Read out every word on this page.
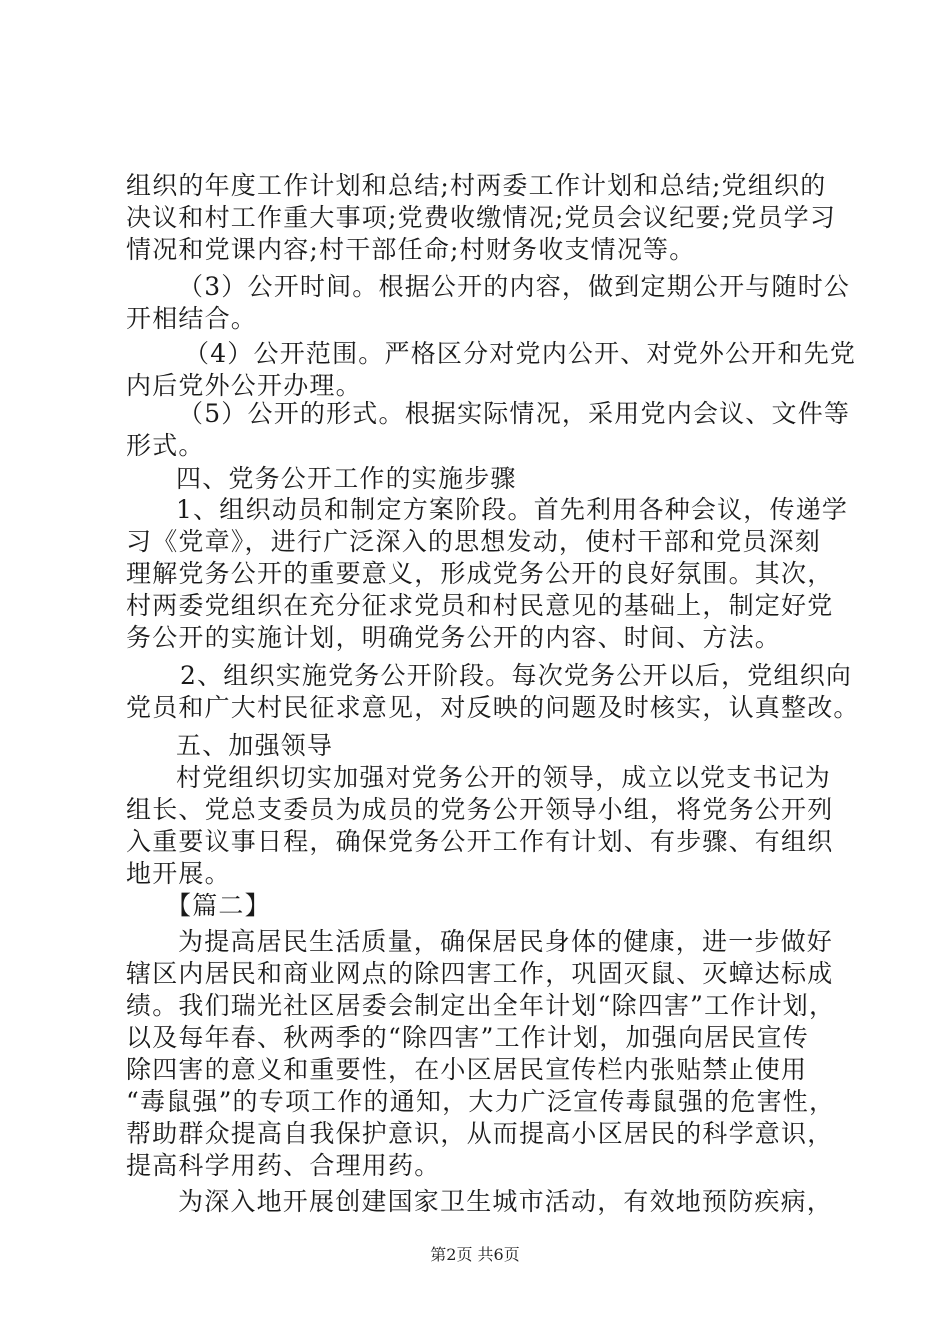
组织的年度工作计划和总结;村两委工作计划和总结;党组织的
决议和村工作重大事项;党费收缴情况;党员会议纪要;党员学习
情况和党课内容;村干部任命;村财务收支情况等。
（3）公开时间。根据公开的内容，做到定期公开与随时公
开相结合。
（4）公开范围。严格区分对党内公开、对党外公开和先党
内后党外公开办理。
（5）公开的形式。根据实际情况，采用党内会议、文件等
形式。
四、党务公开工作的实施步骤
1、组织动员和制定方案阶段。首先利用各种会议，传递学
习《党章》，进行广泛深入的思想发动，使村干部和党员深刻
理解党务公开的重要意义，形成党务公开的良好氛围。其次，
村两委党组织在充分征求党员和村民意见的基础上，制定好党
务公开的实施计划，明确党务公开的内容、时间、方法。
2、组织实施党务公开阶段。每次党务公开以后，党组织向
党员和广大村民征求意见，对反映的问题及时核实，认真整改。
五、加强领导
村党组织切实加强对党务公开的领导，成立以党支书记为
组长、党总支委员为成员的党务公开领导小组，将党务公开列
入重要议事日程，确保党务公开工作有计划、有步骤、有组织
地开展。
【篇二】
为提高居民生活质量，确保居民身体的健康，进一步做好
辖区内居民和商业网点的除四害工作，巩固灭鼠、灭蟑达标成
绩。我们瑞光社区居委会制定出全年计划“除四害”工作计划，
以及每年春、秋两季的“除四害”工作计划，加强向居民宣传
除四害的意义和重要性，在小区居民宣传栏内张贴禁止使用
“毒鼠强”的专项工作的通知，大力广泛宣传毒鼠强的危害性，
帮助群众提高自我保护意识，从而提高小区居民的科学意识，
提高科学用药、合理用药。
为深入地开展创建国家卫生城市活动，有效地预防疾病，
第2页 共6页
